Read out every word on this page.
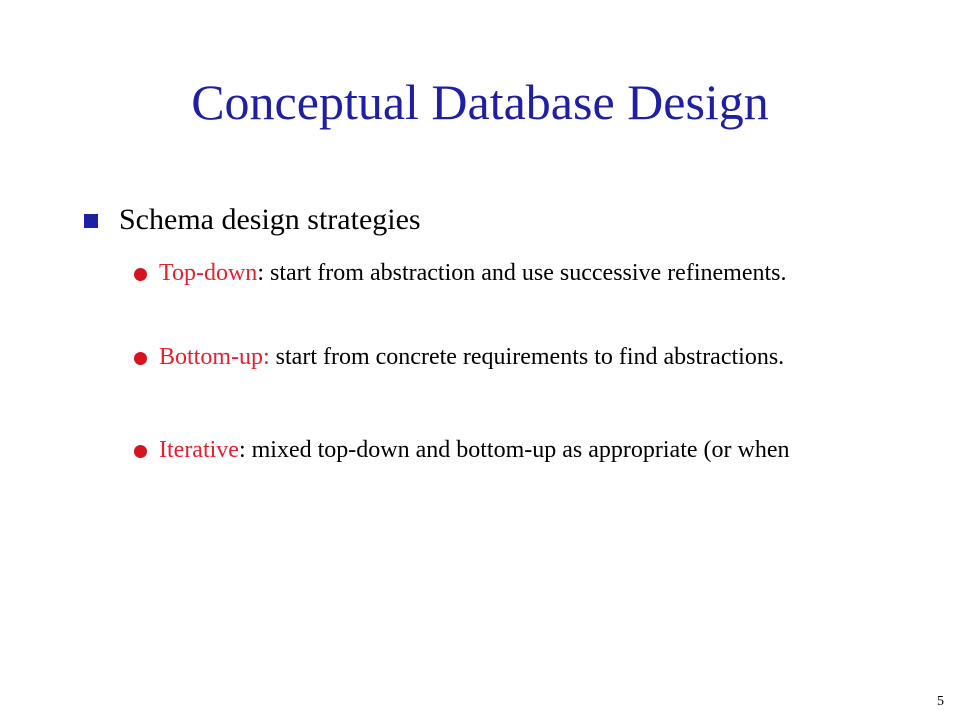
Conceptual Database Design
Schema design strategies
Top-down: start from abstraction and use successive refinements.
Bottom-up: start from concrete requirements to find abstractions.
Iterative: mixed top-down and bottom-up as appropriate (or when
5
